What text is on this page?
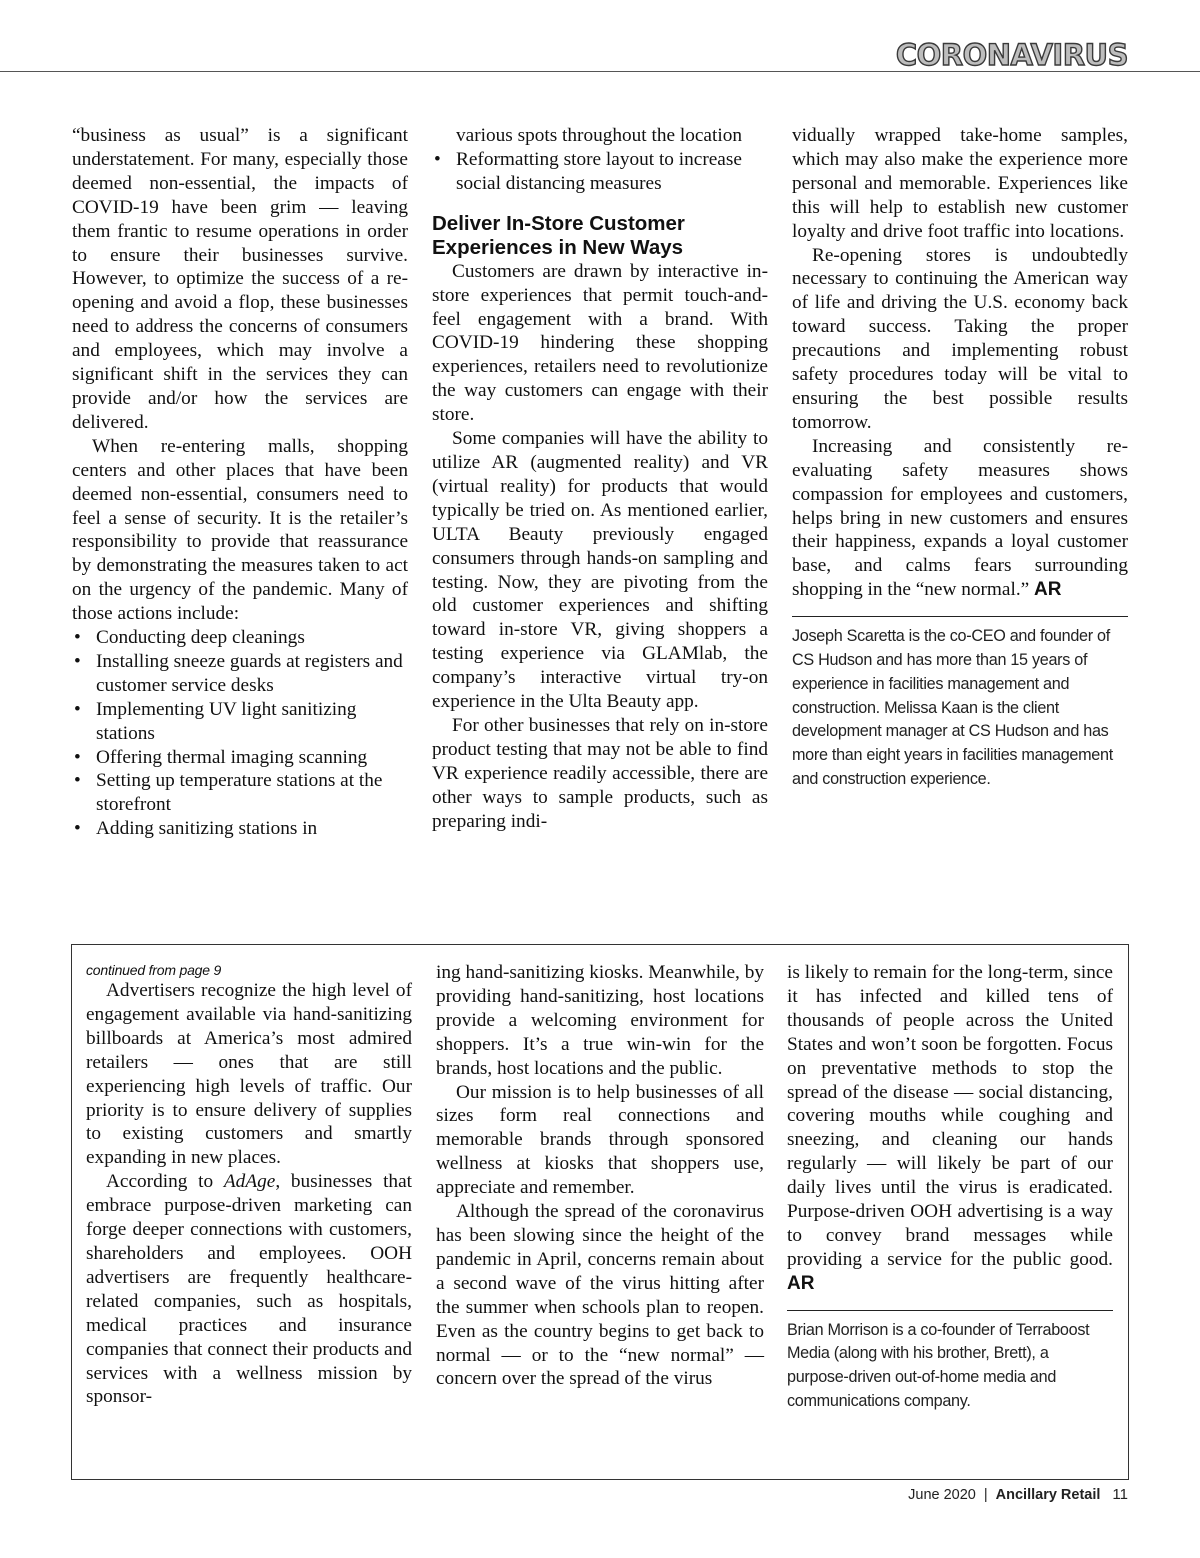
CORONAVIRUS

“business as usual” is a significant understatement. For many, especially those deemed non-essential, the impacts of COVID-19 have been grim — leaving them frantic to resume operations in order to ensure their businesses survive. However, to optimize the success of a re-opening and avoid a flop, these businesses need to address the concerns of consumers and employees, which may involve a significant shift in the services they can provide and/or how the services are delivered.

When re-entering malls, shopping centers and other places that have been deemed non-essential, consumers need to feel a sense of security. It is the retailer’s responsibility to provide that reassurance by demonstrating the measures taken to act on the urgency of the pandemic. Many of those actions include:

• Conducting deep cleanings
• Installing sneeze guards at registers and customer service desks
• Implementing UV light sanitizing stations
• Offering thermal imaging scanning
• Setting up temperature stations at the storefront
• Adding sanitizing stations in

various spots throughout the location

• Reformatting store layout to increase social distancing measures
Deliver In-Store Customer Experiences in New Ways

Customers are drawn by interactive in-store experiences that permit touch-and-feel engagement with a brand. With COVID-19 hindering these shopping experiences, retailers need to revolutionize the way customers can engage with their store.

Some companies will have the ability to utilize AR (augmented reality) and VR (virtual reality) for products that would typically be tried on. As mentioned earlier, ULTA Beauty previously engaged consumers through hands-on sampling and testing. Now, they are pivoting from the old customer experiences and shifting toward in-store VR, giving shoppers a testing experience via GLAMlab, the company’s interactive virtual try-on experience in the Ulta Beauty app.

For other businesses that rely on in-store product testing that may not be able to find VR experience readily accessible, there are other ways to sample products, such as preparing indi-

vidually wrapped take-home samples, which may also make the experience more personal and memorable. Experiences like this will help to establish new customer loyalty and drive foot traffic into locations.

Re-opening stores is undoubtedly necessary to continuing the American way of life and driving the U.S. economy back toward success. Taking the proper precautions and implementing robust safety procedures today will be vital to ensuring the best possible results tomorrow.

Increasing and consistently re-evaluating safety measures shows compassion for employees and customers, helps bring in new customers and ensures their happiness, expands a loyal customer base, and calms fears surrounding shopping in the “new normal.” AR

Joseph Scaretta is the co-CEO and founder of CS Hudson and has more than 15 years of experience in facilities management and construction. Melissa Kaan is the client development manager at CS Hudson and has more than eight years in facilities management and construction experience.

continued from page 9

Advertisers recognize the high level of engagement available via hand-sanitizing billboards at America’s most admired retailers — ones that are still experiencing high levels of traffic. Our priority is to ensure delivery of supplies to existing customers and smartly expanding in new places.

According to AdAge, businesses that embrace purpose-driven marketing can forge deeper connections with customers, shareholders and employees. OOH advertisers are frequently healthcare-related companies, such as hospitals, medical practices and insurance companies that connect their products and services with a wellness mission by sponsor-

ing hand-sanitizing kiosks. Meanwhile, by providing hand-sanitizing, host locations provide a welcoming environment for shoppers. It’s a true win-win for the brands, host locations and the public.

Our mission is to help businesses of all sizes form real connections and memorable brands through sponsored wellness at kiosks that shoppers use, appreciate and remember.

Although the spread of the coronavirus has been slowing since the height of the pandemic in April, concerns remain about a second wave of the virus hitting after the summer when schools plan to reopen. Even as the country begins to get back to normal — or to the “new normal” — concern over the spread of the virus

is likely to remain for the long-term, since it has infected and killed tens of thousands of people across the United States and won’t soon be forgotten. Focus on preventative methods to stop the spread of the disease — social distancing, covering mouths while coughing and sneezing, and cleaning our hands regularly — will likely be part of our daily lives until the virus is eradicated. Purpose-driven OOH advertising is a way to convey brand messages while providing a service for the public good. AR

Brian Morrison is a co-founder of Terraboost Media (along with his brother, Brett), a purpose-driven out-of-home media and communications company.
June 2020 | Ancillary Retail 11
